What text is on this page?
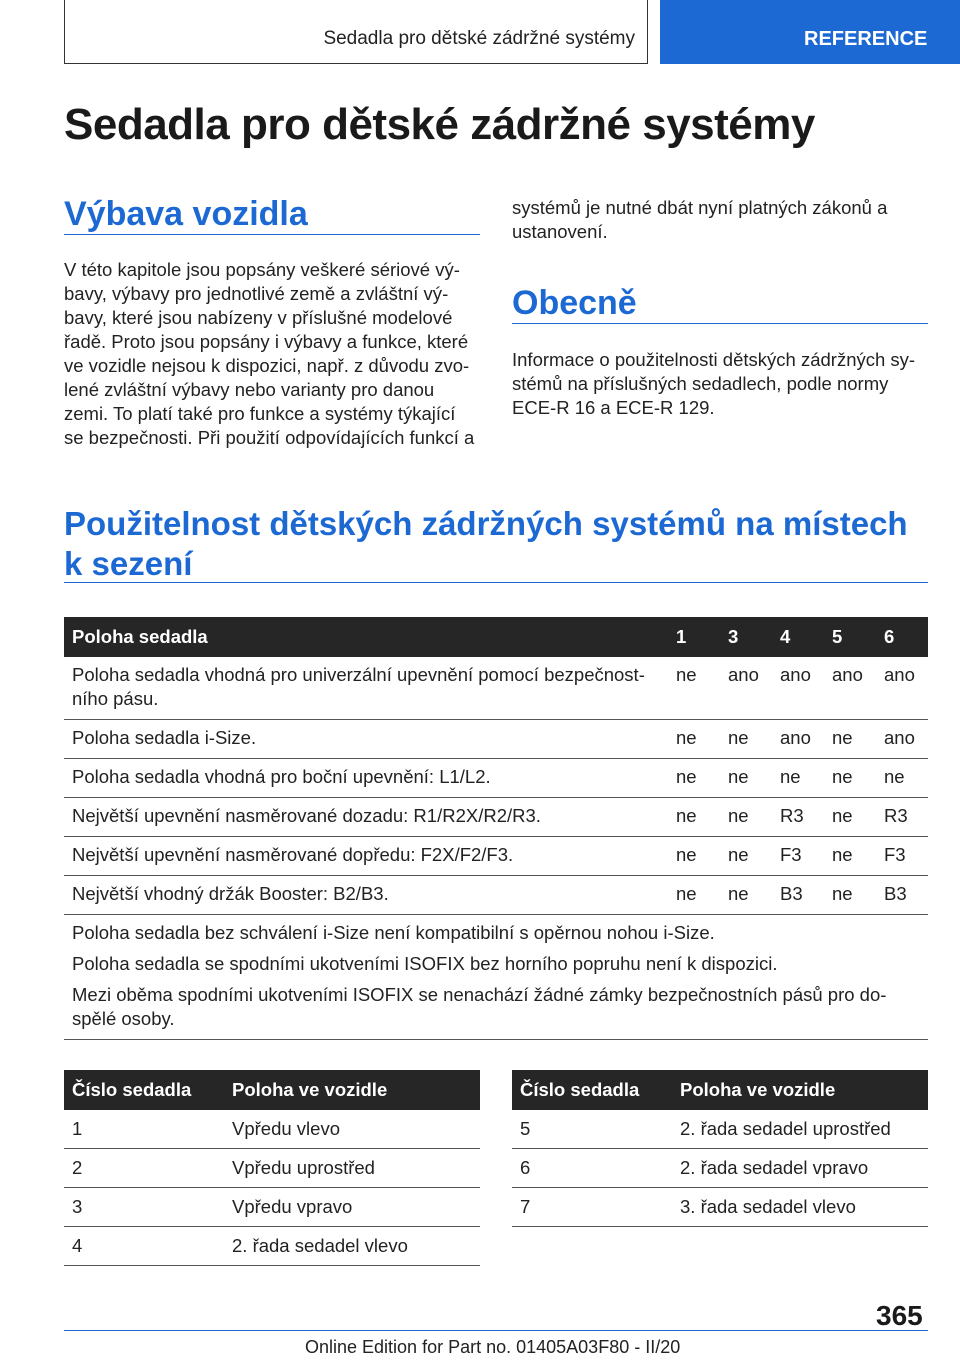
Sedadla pro dětské zádržné systémy	REFERENCE
Sedadla pro dětské zádržné systémy
Výbava vozidla

V této kapitole jsou popsány veškeré sériové výbavy, výbavy pro jednotlivé země a zvláštní výbavy, které jsou nabízeny v příslušné modelové řadě. Proto jsou popsány i výbavy a funkce, které ve vozidle nejsou k dispozici, např. z důvodu zvolené zvláštní výbavy nebo varianty pro danou zemi. To platí také pro funkce a systémy týkající se bezpečnosti. Při použití odpovídajících funkcí a

systémů je nutné dbát nyní platných zákonů a ustanovení.

Obecně

Informace o použitelnosti dětských zádržných systémů na příslušných sedadlech, podle normy ECE-R 16 a ECE-R 129.

Použitelnost dětských zádržných systémů na místech k sezení
Poloha sedadla	1	3	4	5	6
Poloha sedadla vhodná pro univerzální upevnění pomocí bezpečnostního pásu.	ne	ano	ano	ano	ano
Poloha sedadla i-Size.	ne	ne	ano	ne	ano
Poloha sedadla vhodná pro boční upevnění: L1/L2.	ne	ne	ne	ne	ne
Největší upevnění nasměrované dozadu: R1/R2X/R2/R3.	ne	ne	R3	ne	R3
Největší upevnění nasměrované dopředu: F2X/F2/F3.	ne	ne	F3	ne	F3
Největší vhodný držák Booster: B2/B3.	ne	ne	B3	ne	B3

Poloha sedadla bez schválení i-Size není kompatibilní s opěrnou nohou i-Size.

Poloha sedadla se spodními ukotveními ISOFIX bez horního popruhu není k dispozici.

Mezi oběma spodními ukotveními ISOFIX se nenachází žádné zámky bezpečnostních pásů pro dospělé osoby.					

Číslo sedadla	Poloha ve vozidle
1	Vpředu vlevo
2	Vpředu uprostřed
3	Vpředu vpravo
4	2. řada sedadel vlevo
Číslo sedadla	Poloha ve vozidle
5	2. řada sedadel uprostřed
6	2. řada sedadel vpravo
7	3. řada sedadel vlevo
365
Online Edition for Part no. 01405A03F80 - II/20
